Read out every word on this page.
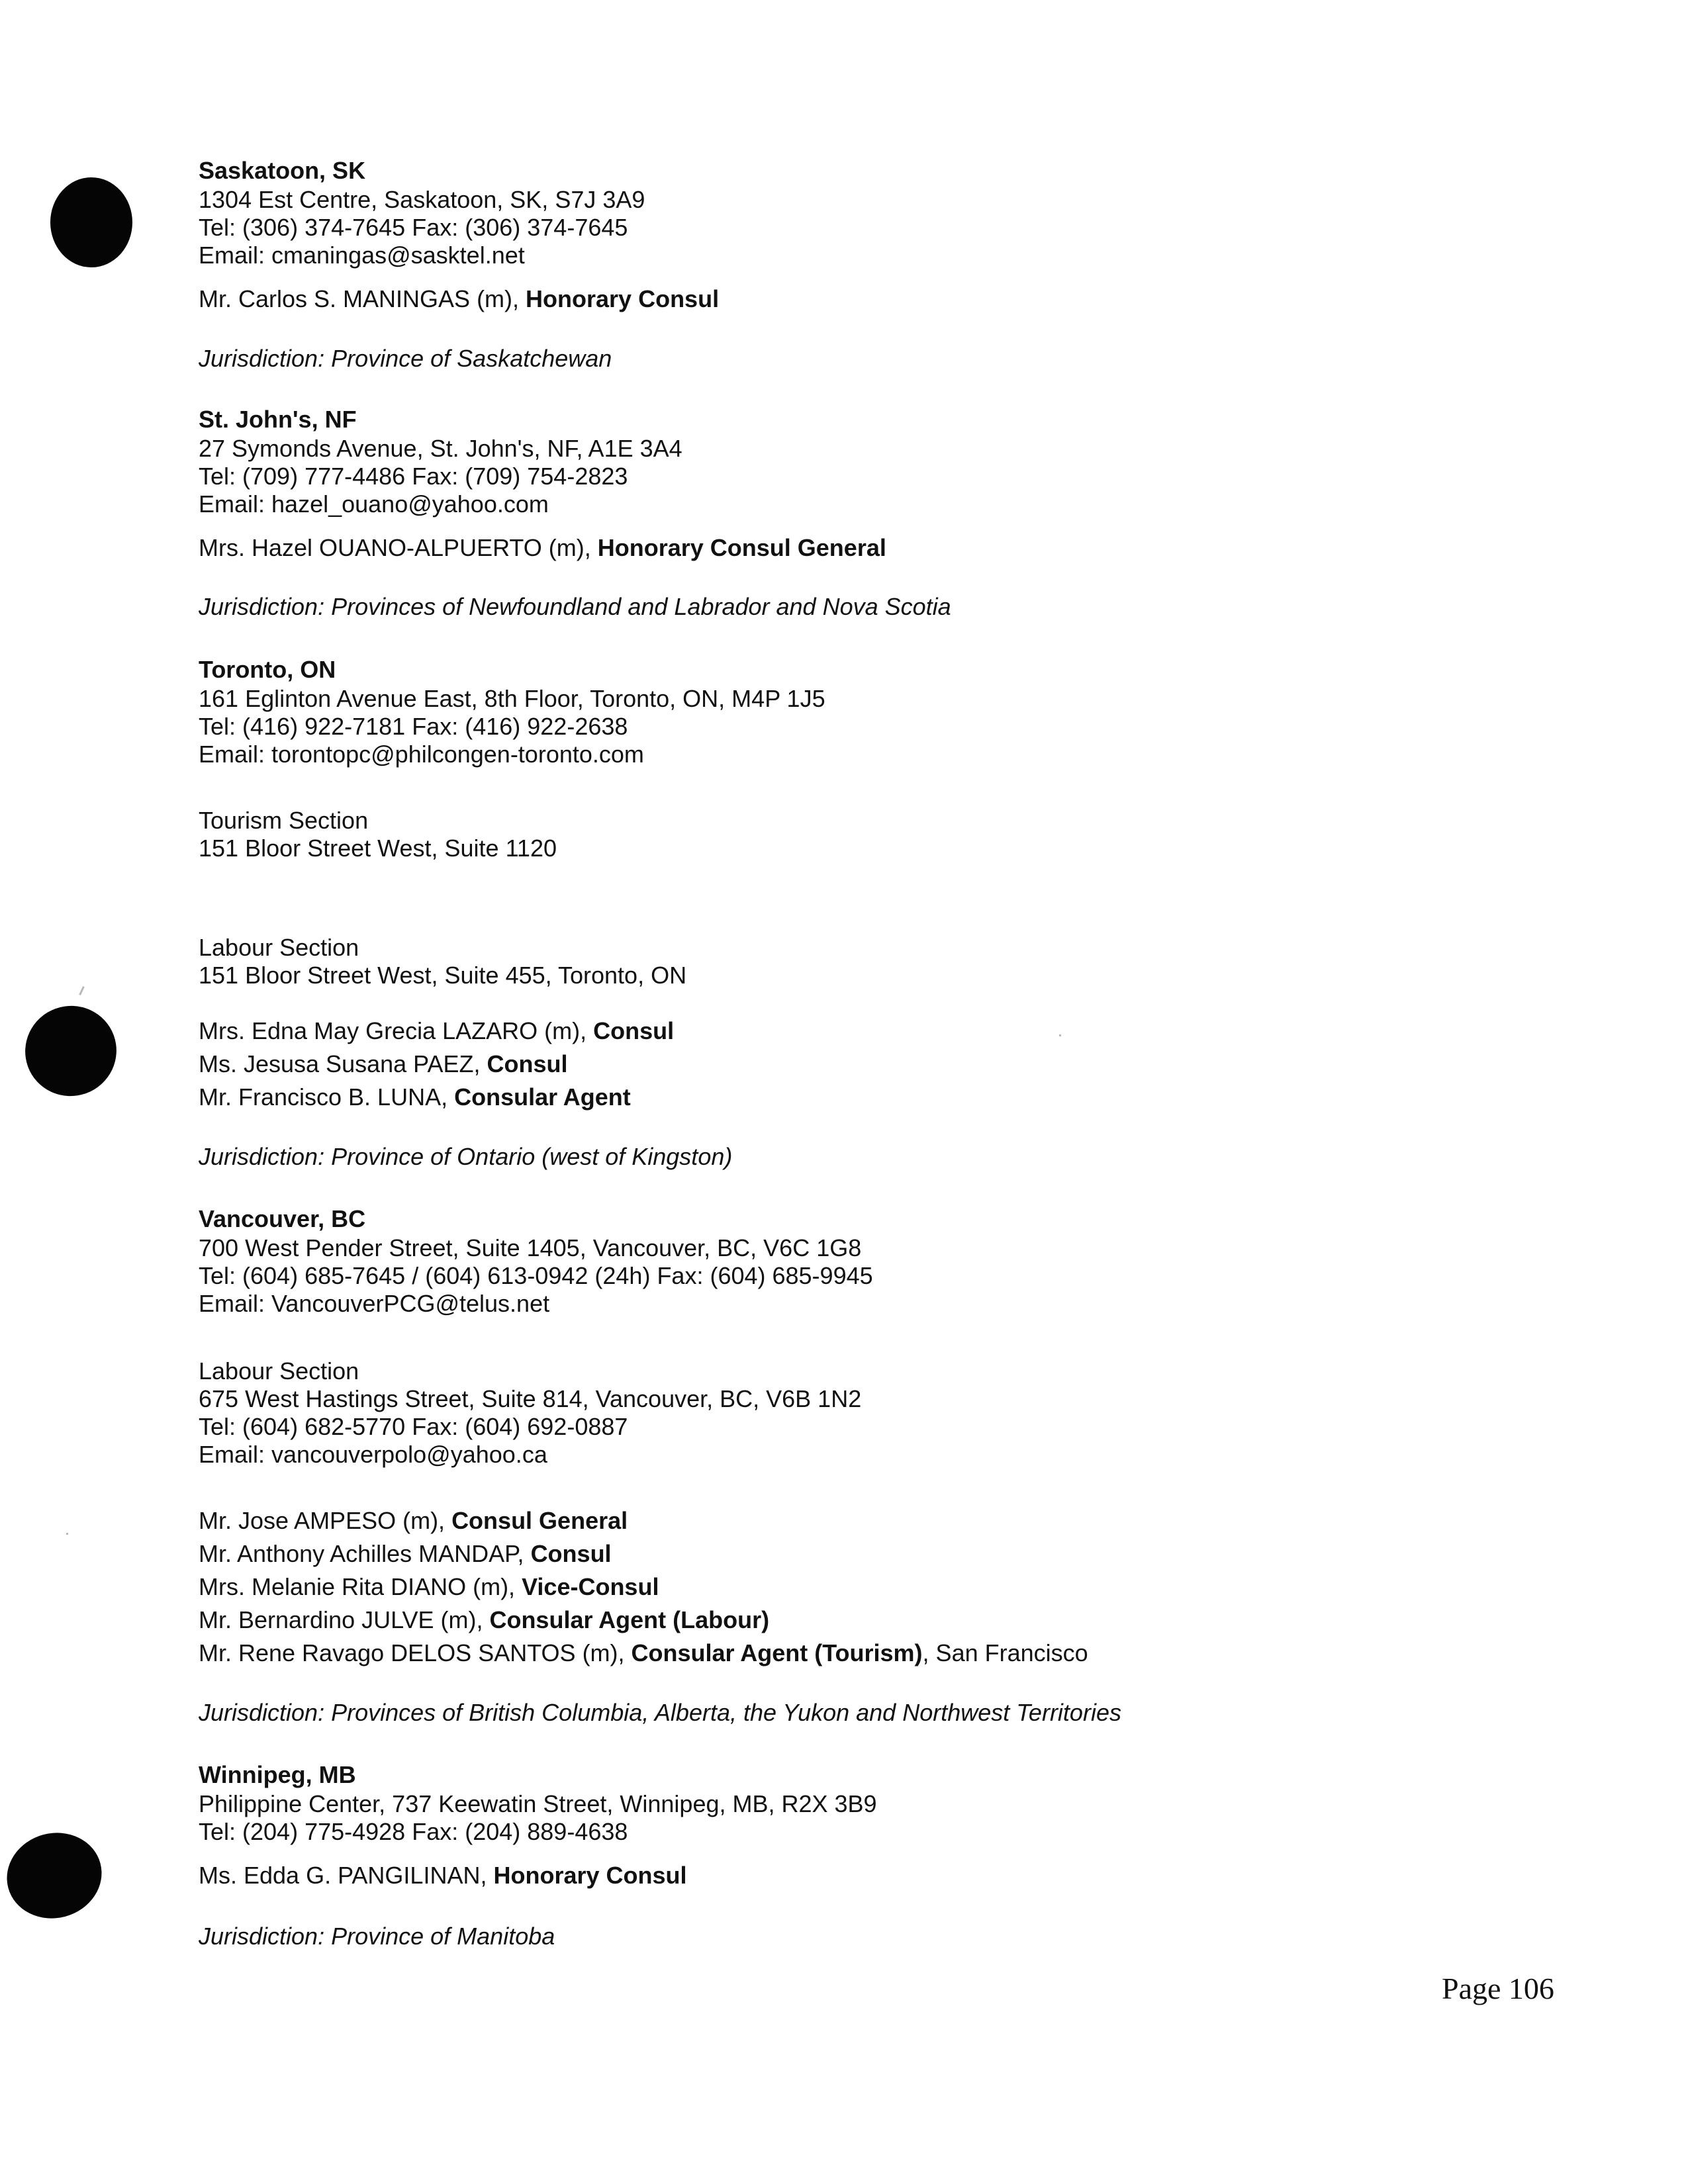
Saskatoon, SK
1304 Est Centre, Saskatoon, SK, S7J 3A9
Tel: (306) 374-7645 Fax: (306) 374-7645
Email: cmaningas@sasktel.net
Mr. Carlos S. MANINGAS (m), Honorary Consul
Jurisdiction: Province of Saskatchewan
St. John's, NF
27 Symonds Avenue, St. John's, NF, A1E 3A4
Tel: (709) 777-4486 Fax: (709) 754-2823
Email: hazel_ouano@yahoo.com
Mrs. Hazel OUANO-ALPUERTO (m), Honorary Consul General
Jurisdiction: Provinces of Newfoundland and Labrador and Nova Scotia
Toronto, ON
161 Eglinton Avenue East, 8th Floor, Toronto, ON, M4P 1J5
Tel: (416) 922-7181 Fax: (416) 922-2638
Email: torontopc@philcongen-toronto.com
Tourism Section
151 Bloor Street West, Suite 1120
Labour Section
151 Bloor Street West, Suite 455, Toronto, ON
Mrs. Edna May Grecia LAZARO (m), Consul
Ms. Jesusa Susana PAEZ, Consul
Mr. Francisco B. LUNA, Consular Agent
Jurisdiction: Province of Ontario (west of Kingston)
Vancouver, BC
700 West Pender Street, Suite 1405, Vancouver, BC, V6C 1G8
Tel: (604) 685-7645 / (604) 613-0942 (24h) Fax: (604) 685-9945
Email: VancouverPCG@telus.net
Labour Section
675 West Hastings Street, Suite 814, Vancouver, BC, V6B 1N2
Tel: (604) 682-5770 Fax: (604) 692-0887
Email: vancouverpolo@yahoo.ca
Mr. Jose AMPESO (m), Consul General
Mr. Anthony Achilles MANDAP, Consul
Mrs. Melanie Rita DIANO (m), Vice-Consul
Mr. Bernardino JULVE (m), Consular Agent (Labour)
Mr. Rene Ravago DELOS SANTOS (m), Consular Agent (Tourism), San Francisco
Jurisdiction: Provinces of British Columbia, Alberta, the Yukon and Northwest Territories
Winnipeg, MB
Philippine Center, 737 Keewatin Street, Winnipeg, MB, R2X 3B9
Tel: (204) 775-4928 Fax: (204) 889-4638
Ms. Edda G. PANGILINAN, Honorary Consul
Jurisdiction: Province of Manitoba
Page 106
